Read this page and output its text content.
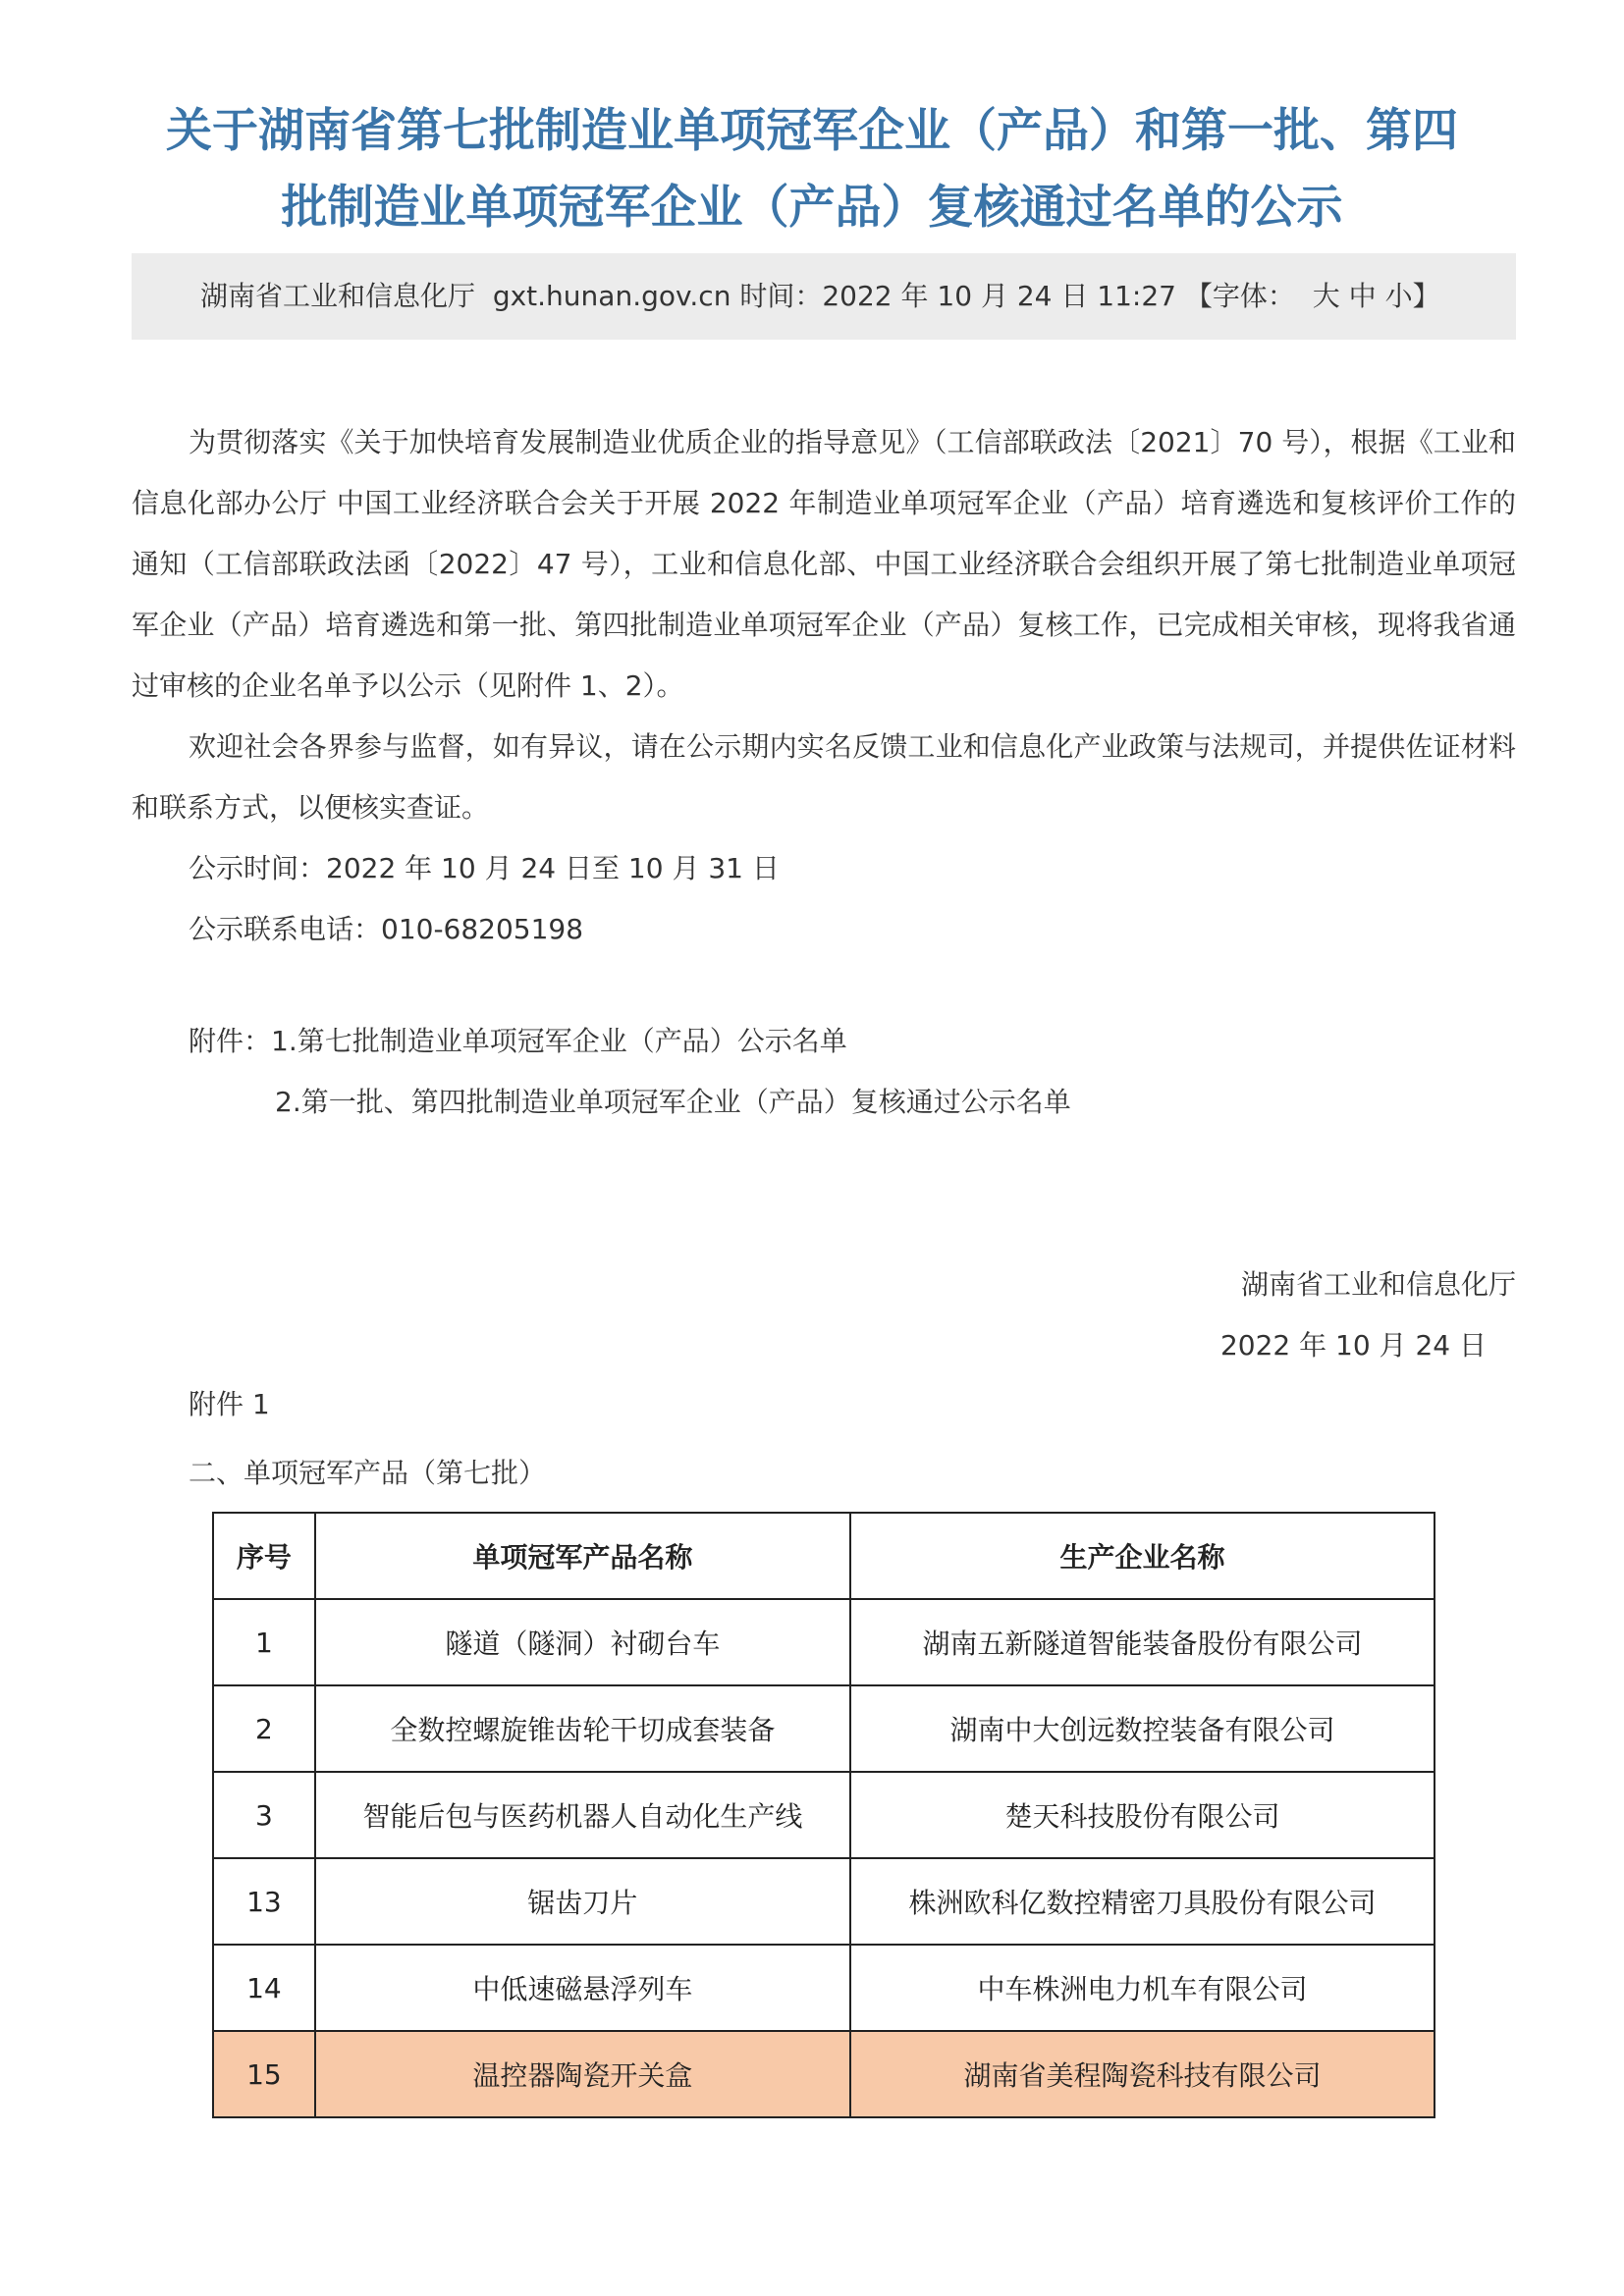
关于湖南省第七批制造业单项冠军企业（产品）和第一批、第四
批制造业单项冠军企业（产品）复核通过名单的公示
湖南省工业和信息化厅 gxt.hunan.gov.cn 时间：2022 年 10 月 24 日 11:27 【字体： 大 中 小】

为贯彻落实《关于加快培育发展制造业优质企业的指导意见》（工信部联政法〔2021〕70 号），根据《工业和信息化部办公厅 中国工业经济联合会关于开展 2022 年制造业单项冠军企业（产品）培育遴选和复核评价工作的通知（工信部联政法函〔2022〕47 号），工业和信息化部、中国工业经济联合会组织开展了第七批制造业单项冠军企业（产品）培育遴选和第一批、第四批制造业单项冠军企业（产品）复核工作，已完成相关审核，现将我省通过审核的企业名单予以公示（见附件 1、2）。

欢迎社会各界参与监督，如有异议，请在公示期内实名反馈工业和信息化产业政策与法规司，并提供佐证材料和联系方式，以便核实查证。

公示时间：2022 年 10 月 24 日至 10 月 31 日
公示联系电话：010-68205198
附件：1.第七批制造业单项冠军企业（产品）公示名单
2.第一批、第四批制造业单项冠军企业（产品）复核通过公示名单
湖南省工业和信息化厅
2022 年 10 月 24 日
附件 1
二、单项冠军产品（第七批）
序号	单项冠军产品名称	生产企业名称
1	隧道（隧洞）衬砌台车	湖南五新隧道智能装备股份有限公司
2	全数控螺旋锥齿轮干切成套装备	湖南中大创远数控装备有限公司
3	智能后包与医药机器人自动化生产线	楚天科技股份有限公司
13	锯齿刀片	株洲欧科亿数控精密刀具股份有限公司
14	中低速磁悬浮列车	中车株洲电力机车有限公司
15	温控器陶瓷开关盒	湖南省美程陶瓷科技有限公司
